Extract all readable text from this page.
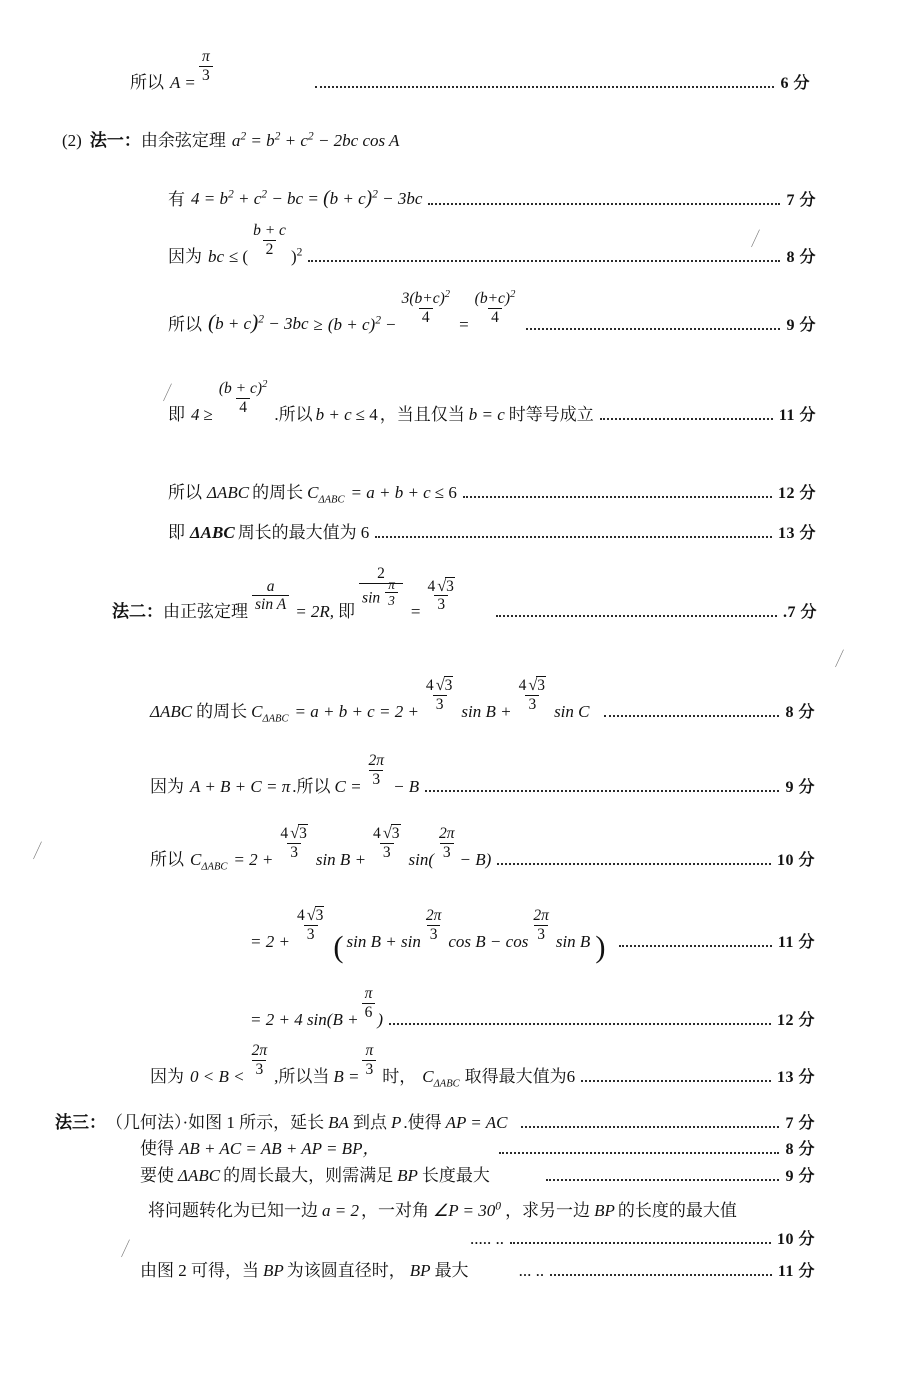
所以 $A = \frac{\pi}{3}$	6 分
(2) 法一： 由余弦定理 $a^2 = b^2 + c^2 - 2bc$ cos A
有 $4 = b^2 + c^2$ − bc = $(b + c)^2 - 3bc$	7 分
因为 bc ≤ ( $\frac{b + c}{2} )^2$	8 分
所以 $(b + c)^2 - 3bc \ge (b + c)^2 - \frac{3(b+c)^2}{4} = \frac{(b+c)^2}{4}$	9 分
即 $4 \ge \frac{(b + c)^2}{4}$ .所以 b + c ≤ 4 ，当且仅当 b = c 时等号成立	11 分
所以 ΔABC 的周长 $C_{\Delta ABC} = a + b + c \le 6$	12 分
即 ΔABC 周长的最大值为 6	13 分
法二： 由正弦定理 $\frac{a}{\text{sin A}} = 2R$, 即 $\frac{2}{\sin \frac{\pi}{3}} = \frac{4 √3}{3}$	.7 分
ΔABC 的周长 $C_{\Delta ABC} = a + b + c = 2 + \frac{4 √3}{3}$ $\sin B + \frac{4 √3}{3}$ sin C	8 分
因为 A + B + C = π .所以 $C = \frac{2\pi}{3} - B$	9 分
所以 $C_{\Delta ABC} = 2 + \frac{4 √3}{3}$ $\sin B + \frac{4 √3}{3} \sin( \frac{2\pi}{3} - B)$	10 分
= $2 + \frac{4 √3}{3}$
( $\sin B + \sin \frac{2\pi}{3}$ $\cos B - \cos \frac{2\pi}{3}$ sin B )	11 分
= 2 + 4 $\sin(B + \frac{\pi}{6}$ )	12 分
因为 $0 < B < \frac{2\pi}{3}$ ,所以当 $B = \frac{\pi}{3}$ 时， $C_{\Delta ABC}$ 取得最大值为 6	13 分
法三： （几何法）· 如图 1 所示， 延长 BA 到点 P .使得 AP = AC	7 分
使得 AB + AC = AB + AP = BP，	8 分
要使 ΔABC 的周长最大，则需满足 BP 长度最大	9 分
将问题转化为已知一边 a = 2 ，一对角 ∠P = $30^0$ ，求另一边 BP 的长度的最大值
..... ..	10 分
由图 2 可得，当 BP 为该圆直径时， BP 最大	... ..	11 分
／
／
／
／
／
